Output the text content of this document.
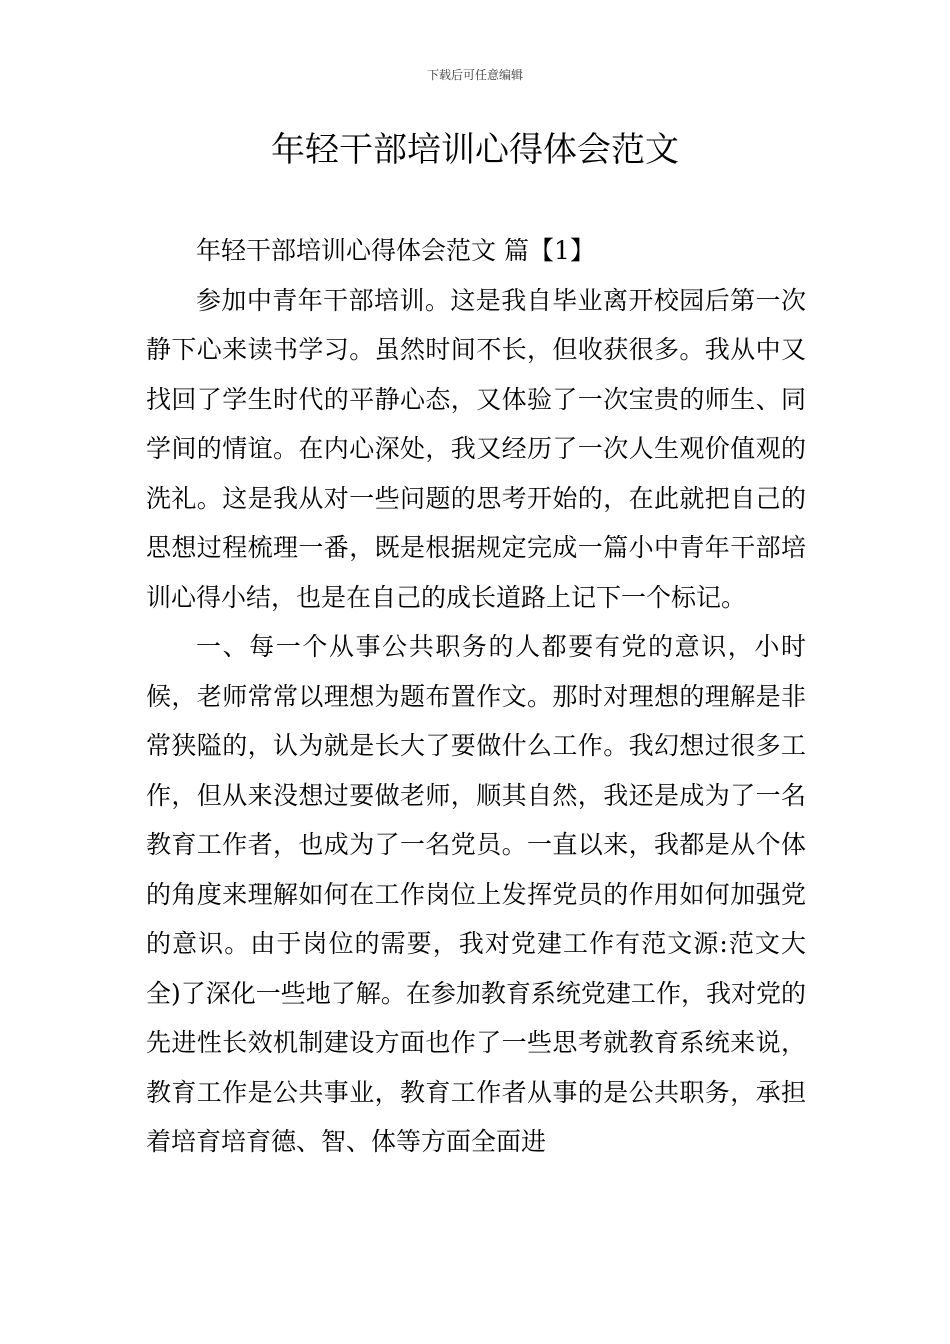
下载后可任意编辑
年轻干部培训心得体会范文

年轻干部培训心得体会范文 篇【1】

参加中青年干部培训。这是我自毕业离开校园后第一次静下心来读书学习。虽然时间不长，但收获很多。我从中又找回了学生时代的平静心态，又体验了一次宝贵的师生、同学间的情谊。在内心深处，我又经历了一次人生观价值观的洗礼。这是我从对一些问题的思考开始的，在此就把自己的思想过程梳理一番，既是根据规定完成一篇小中青年干部培训心得小结，也是在自己的成长道路上记下一个标记。

一、每一个从事公共职务的人都要有党的意识，小时候，老师常常以理想为题布置作文。那时对理想的理解是非常狭隘的，认为就是长大了要做什么工作。我幻想过很多工作，但从来没想过要做老师，顺其自然，我还是成为了一名教育工作者，也成为了一名党员。一直以来，我都是从个体的角度来理解如何在工作岗位上发挥党员的作用如何加强党的意识。由于岗位的需要，我对党建工作有范文源:范文大全)了深化一些地了解。在参加教育系统党建工作，我对党的先进性长效机制建设方面也作了一些思考就教育系统来说，教育工作是公共事业，教育工作者从事的是公共职务，承担着培育培育德、智、体等方面全面进
